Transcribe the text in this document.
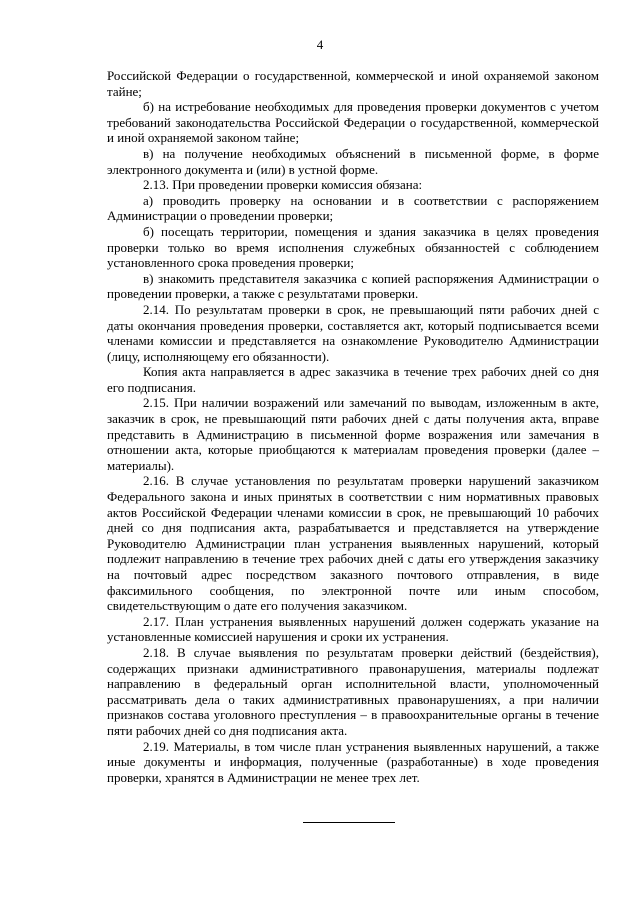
4

Российской Федерации о государственной, коммерческой и иной охраняемой законом тайне;

б) на истребование необходимых для проведения проверки документов с учетом требований законодательства Российской Федерации о государственной, коммерческой и иной охраняемой законом тайне;

в) на получение необходимых объяснений в письменной форме, в форме электронного документа и (или) в устной форме.

2.13. При проведении проверки комиссия обязана:

а) проводить проверку на основании и в соответствии с распоряжением Администрации о проведении проверки;

б) посещать территории, помещения и здания заказчика в целях проведения проверки только во время исполнения служебных обязанностей с соблюдением установленного срока проведения проверки;

в) знакомить представителя заказчика с копией распоряжения Администрации о проведении проверки, а также с результатами проверки.

2.14. По результатам проверки в срок, не превышающий пяти рабочих дней с даты окончания проведения проверки, составляется акт, который подписывается всеми членами комиссии и представляется на ознакомление Руководителю Администрации (лицу, исполняющему его обязанности).

Копия акта направляется в адрес заказчика в течение трех рабочих дней со дня его подписания.

2.15. При наличии возражений или замечаний по выводам, изложенным в акте, заказчик в срок, не превышающий пяти рабочих дней с даты получения акта, вправе представить в Администрацию в письменной форме возражения или замечания в отношении акта, которые приобщаются к материалам проведения проверки (далее – материалы).

2.16. В случае установления по результатам проверки нарушений заказчиком Федерального закона и иных принятых в соответствии с ним нормативных правовых актов Российской Федерации членами комиссии в срок, не превышающий 10 рабочих дней со дня подписания акта, разрабатывается и представляется на утверждение Руководителю Администрации план устранения выявленных нарушений, который подлежит направлению в течение трех рабочих дней с даты его утверждения заказчику на почтовый адрес посредством заказного почтового отправления, в виде факсимильного сообщения, по электронной почте или иным способом, свидетельствующим о дате его получения заказчиком.

2.17. План устранения выявленных нарушений должен содержать указание на установленные комиссией нарушения и сроки их устранения.

2.18. В случае выявления по результатам проверки действий (бездействия), содержащих признаки административного правонарушения, материалы подлежат направлению в федеральный орган исполнительной власти, уполномоченный рассматривать дела о таких административных правонарушениях, а при наличии признаков состава уголовного преступления – в правоохранительные органы в течение пяти рабочих дней со дня подписания акта.

2.19. Материалы, в том числе план устранения выявленных нарушений, а также иные документы и информация, полученные (разработанные) в ходе проведения проверки, хранятся в Администрации не менее трех лет.
